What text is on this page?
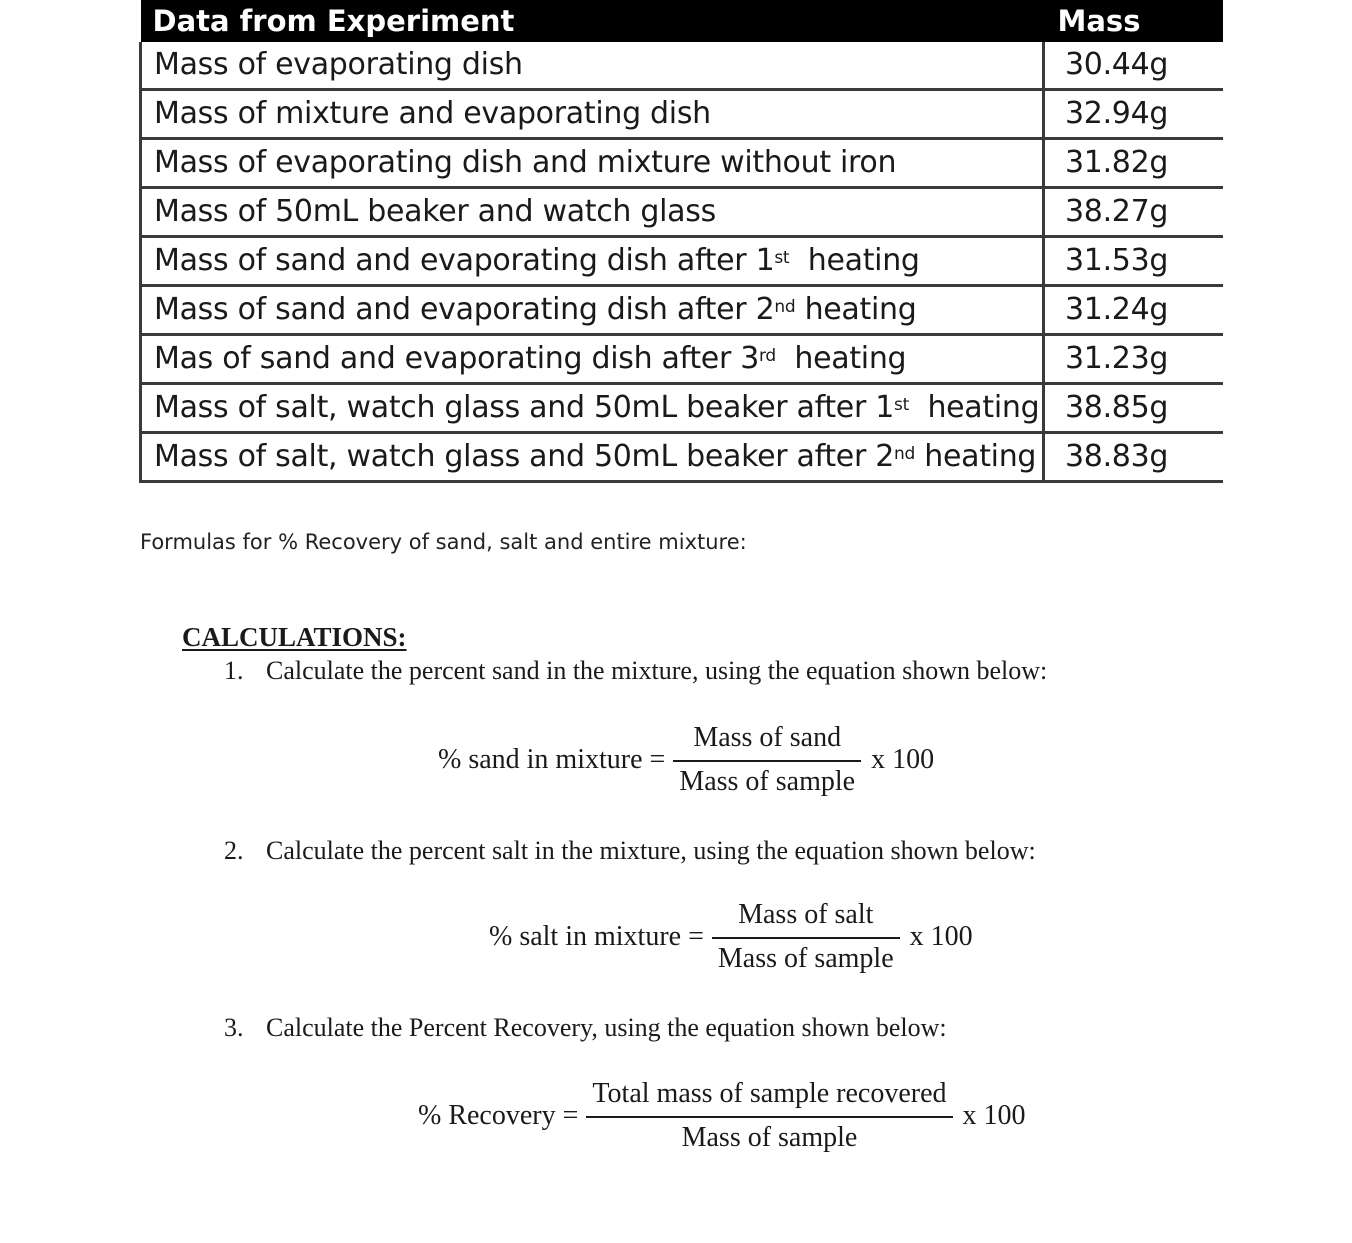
Data from Experiment	Mass
Mass of evaporating dish	30.44g
Mass of mixture and evaporating dish	32.94g
Mass of evaporating dish and mixture without iron	31.82g
Mass of 50mL beaker and watch glass	38.27g
Mass of sand and evaporating dish after 1st  heating	31.53g
Mass of sand and evaporating dish after 2nd heating	31.24g
Mas of sand and evaporating dish after 3rd  heating	31.23g
Mass of salt, watch glass and 50mL beaker after 1st  heating	38.85g
Mass of salt, watch glass and 50mL beaker after 2nd heating	38.83g
Formulas for % Recovery of sand, salt and entire mixture:
CALCULATIONS:
1. Calculate the percent sand in the mixture, using the equation shown below:
% sand in mixture = $\frac{\text{Mass of sand}}{\text{Mass of sample}}$ x 100
2. Calculate the percent salt in the mixture, using the equation shown below:
% salt in mixture = $\frac{\text{Mass of salt}}{\text{Mass of sample}}$ x 100
3. Calculate the Percent Recovery, using the equation shown below:
% Recovery = $\frac{\text{Total mass of sample recovered}}{\text{Mass of sample}}$ x 100
